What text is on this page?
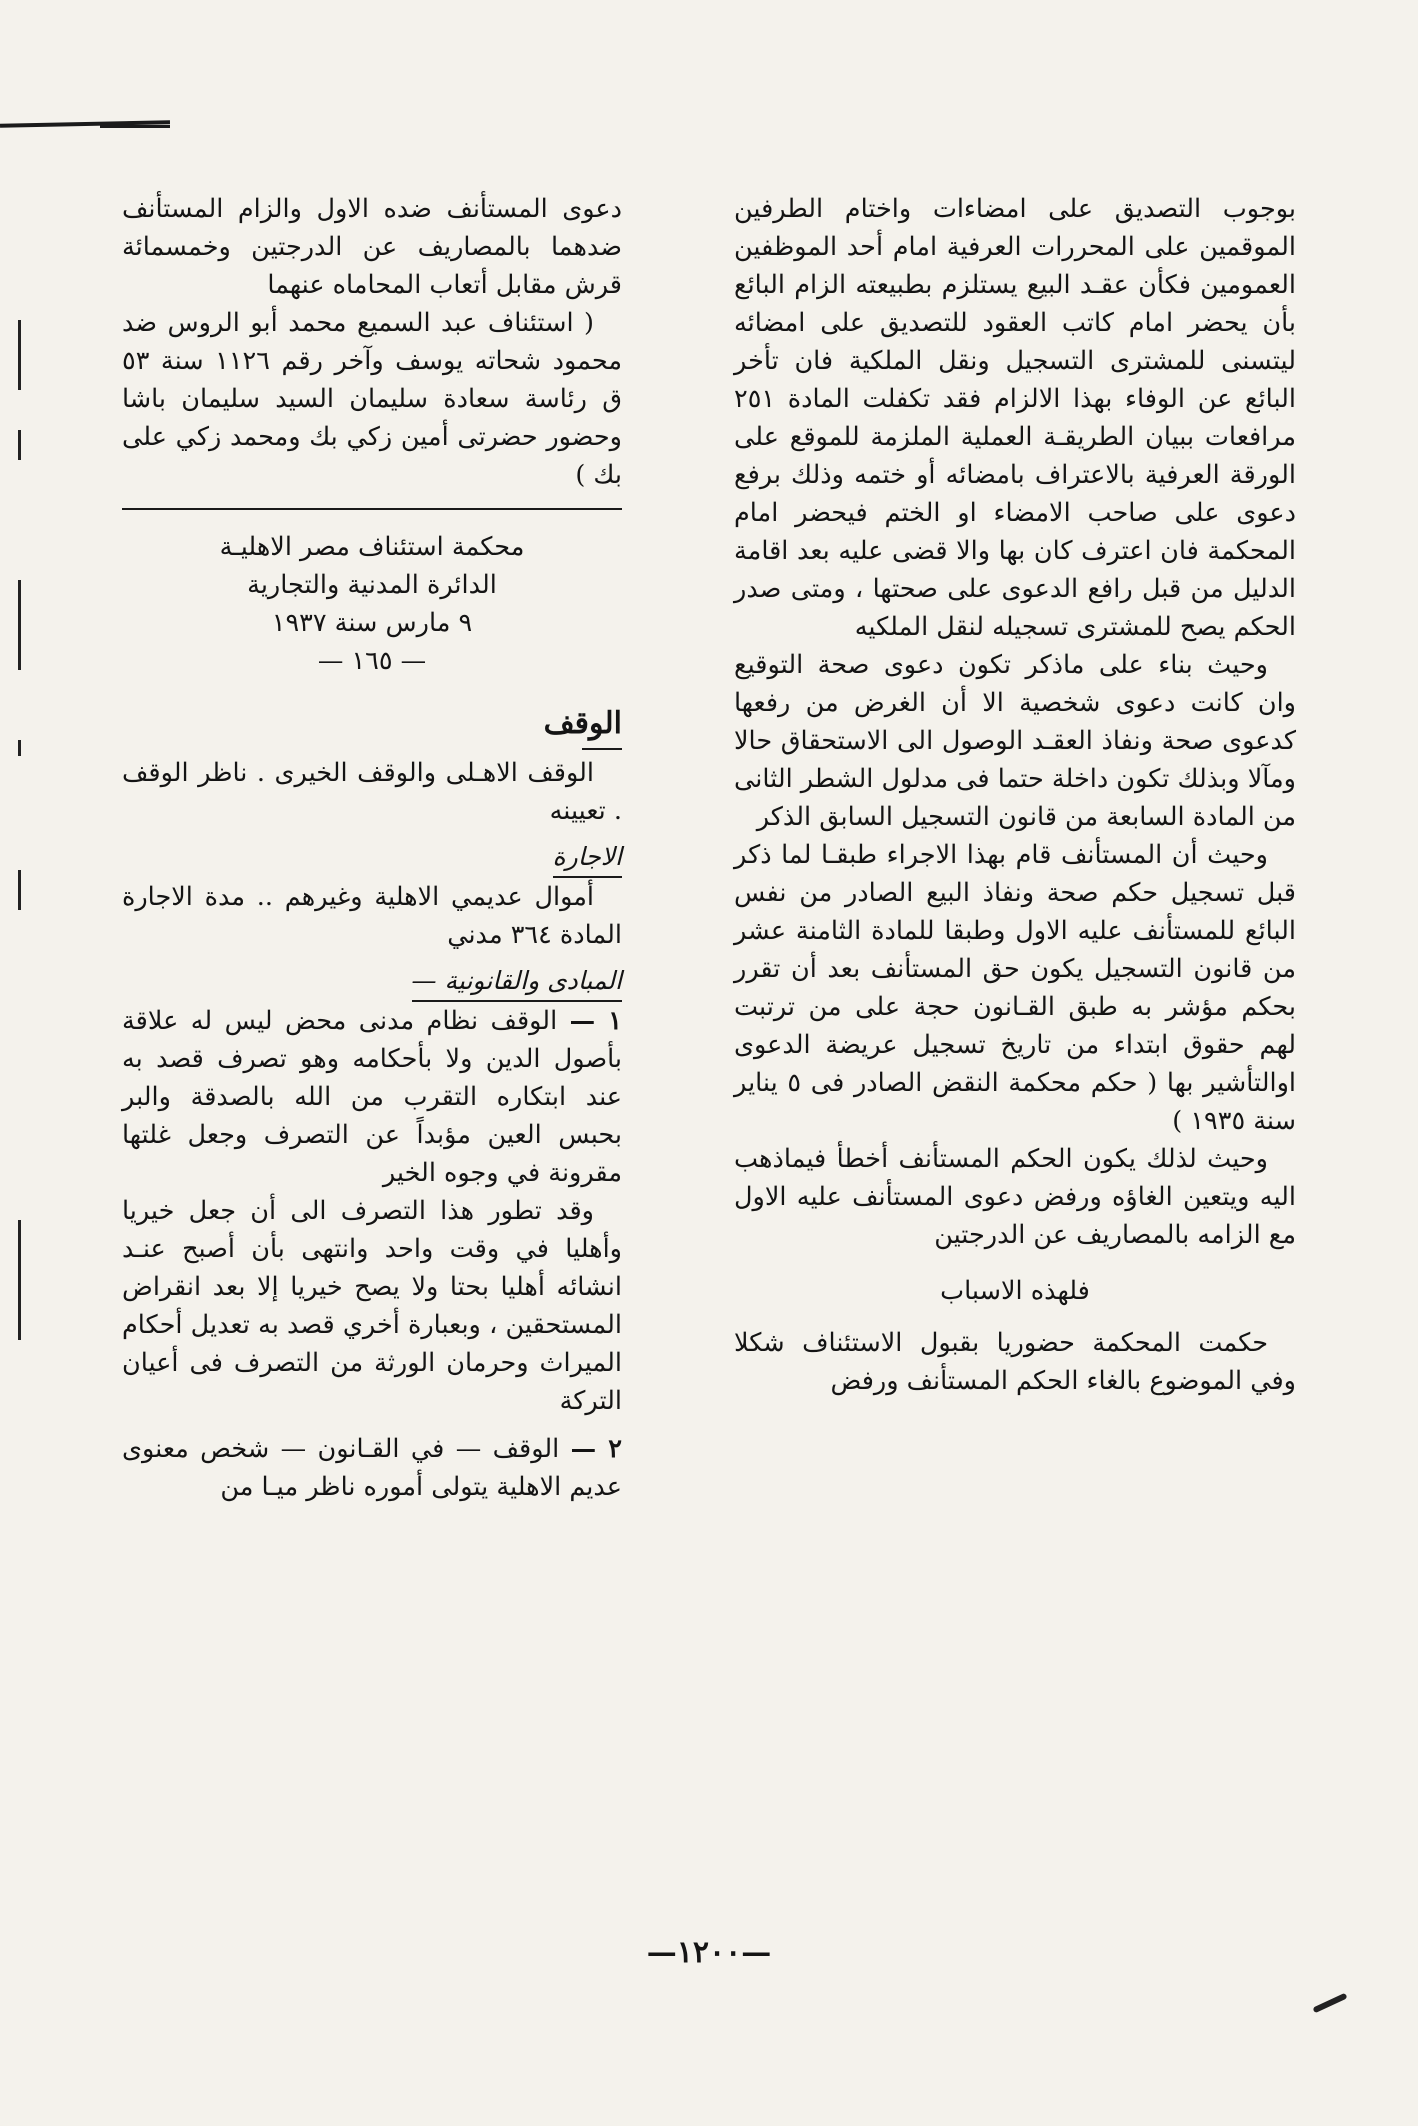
بوجوب التصديق على امضاءات واختام الطرفين الموقمين على المحررات العرفية امام أحد الموظفين العمومين فكأن عقـد البيع يستلزم بطبيعته الزام البائع بأن يحضر امام كاتب العقود للتصديق على امضائه ليتسنى للمشترى التسجيل ونقل الملكية فان تأخر البائع عن الوفاء بهذا الالزام فقد تكفلت المادة ٢٥١ مرافعات ببيان الطريقـة العملية الملزمة للموقع على الورقة العرفية بالاعتراف بامضائه أو ختمه وذلك برفع دعوى على صاحب الامضاء او الختم فيحضر امام المحكمة فان اعترف كان بها والا قضى عليه بعد اقامة الدليل من قبل رافع الدعوى على صحتها ، ومتى صدر الحكم يصح للمشترى تسجيله لنقل الملكيه

وحيث بناء على ماذكر تكون دعوى صحة التوقيع وان كانت دعوى شخصية الا أن الغرض من رفعها كدعوى صحة ونفاذ العقـد الوصول الى الاستحقاق حالا ومآلا وبذلك تكون داخلة حتما فى مدلول الشطر الثانى من المادة السابعة من قانون التسجيل السابق الذكر

وحيث أن المستأنف قام بهذا الاجراء طبقـا لما ذكر قبل تسجيل حكم صحة ونفاذ البيع الصادر من نفس البائع للمستأنف عليه الاول وطبقا للمادة الثامنة عشر من قانون التسجيل يكون حق المستأنف بعد أن تقرر بحكم مؤشر به طبق القـانون حجة على من ترتبت لهم حقوق ابتداء من تاريخ تسجيل عريضة الدعوى اوالتأشير بها ( حكم محكمة النقض الصادر فى ٥ يناير سنة ١٩٣٥ )

وحيث لذلك يكون الحكم المستأنف أخطأ فيماذهب اليه ويتعين الغاؤه ورفض دعوى المستأنف عليه الاول مع الزامه بالمصاريف عن الدرجتين

فلهذه الاسباب

حكمت المحكمة حضوريا بقبول الاستئناف شكلا وفي الموضوع بالغاء الحكم المستأنف ورفض

دعوى المستأنف ضده الاول والزام المستأنف ضدهما بالمصاريف عن الدرجتين وخمسمائة قرش مقابل أتعاب المحاماه عنهما

( استئناف عبد السميع محمد أبو الروس ضد محمود شحاته يوسف وآخر رقم ١١٢٦ سنة ٥٣ ق رئاسة سعادة سليمان السيد سليمان باشا وحضور حضرتى أمين زكي بك ومحمد زكي على بك )

محكمة استئناف مصر الاهليـة

الدائرة المدنية والتجارية

٩ مارس سنة ١٩٣٧

— ١٦٥ —

الوقف

الوقف الاهـلى والوقف الخيرى . ناظر الوقف . تعيينه

الاجارة

أموال عديمي الاهلية وغيرهم .. مدة الاجارة المادة ٣٦٤ مدني

المبادى والقانونية —

١ — الوقف نظام مدنى محض ليس له علاقة بأصول الدين ولا بأحكامه وهو تصرف قصد به عند ابتكاره التقرب من الله بالصدقة والبر بحبس العين مؤبداً عن التصرف وجعل غلتها مقرونة في وجوه الخير

وقد تطور هذا التصرف الى أن جعل خيريا وأهليا في وقت واحد وانتهى بأن أصبح عنـد انشائه أهليا بحتا ولا يصح خيريا إلا بعد انقراض المستحقين ، وبعبارة أخري قصد به تعديل أحكام الميراث وحرمان الورثة من التصرف فى أعيان التركة

٢ — الوقف — في القـانون — شخص معنوى عديم الاهلية يتولى أموره ناظر ميـا من

—١٢٠٠—
